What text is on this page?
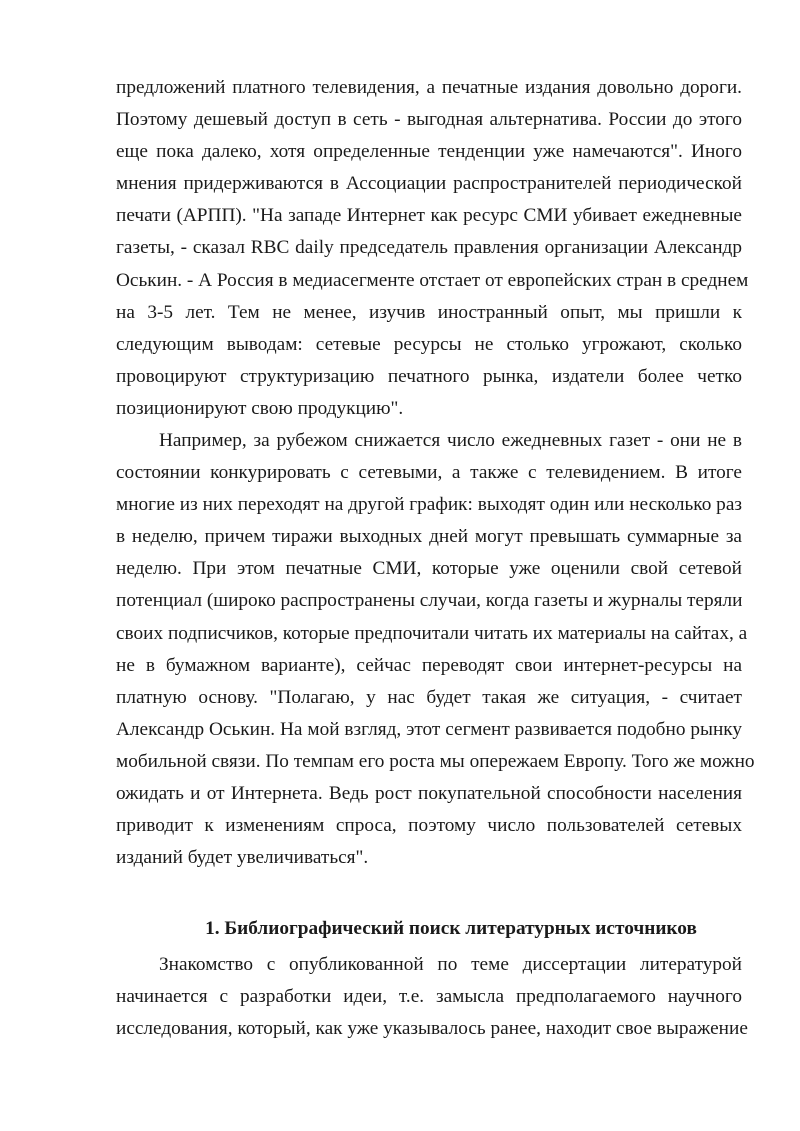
предложений платного телевидения, а печатные издания довольно дороги.
Поэтому дешевый доступ в сеть - выгодная альтернатива. России до этого
еще пока далеко, хотя определенные тенденции уже намечаются". Иного
мнения придерживаются в Ассоциации распространителей периодической
печати (АРПП). "На западе Интернет как ресурс СМИ убивает ежедневные
газеты, - сказал RBC daily председатель правления организации Александр
Оськин. - А Россия в медиасегменте отстает от европейских стран в среднем
на 3-5 лет. Тем не менее, изучив иностранный опыт, мы пришли к
следующим выводам: сетевые ресурсы не столько угрожают, сколько
провоцируют структуризацию печатного рынка, издатели более четко
позиционируют свою продукцию".
Например, за рубежом снижается число ежедневных газет - они не в
состоянии конкурировать с сетевыми, а также с телевидением. В итоге
многие из них переходят на другой график: выходят один или несколько раз
в неделю, причем тиражи выходных дней могут превышать суммарные за
неделю. При этом печатные СМИ, которые уже оценили свой сетевой
потенциал (широко распространены случаи, когда газеты и журналы теряли
своих подписчиков, которые предпочитали читать их материалы на сайтах, а
не в бумажном варианте), сейчас переводят свои интернет-ресурсы на
платную основу. "Полагаю, у нас будет такая же ситуация, - считает
Александр Оськин. На мой взгляд, этот сегмент развивается подобно рынку
мобильной связи. По темпам его роста мы опережаем Европу. Того же можно
ожидать и от Интернета. Ведь рост покупательной способности населения
приводит к изменениям спроса, поэтому число пользователей сетевых
изданий будет увеличиваться".
1. Библиографический поиск литературных источников
Знакомство с опубликованной по теме диссертации литературой
начинается с разработки идеи, т.е. замысла предполагаемого научного
исследования, который, как уже указывалось ранее, находит свое выражение
